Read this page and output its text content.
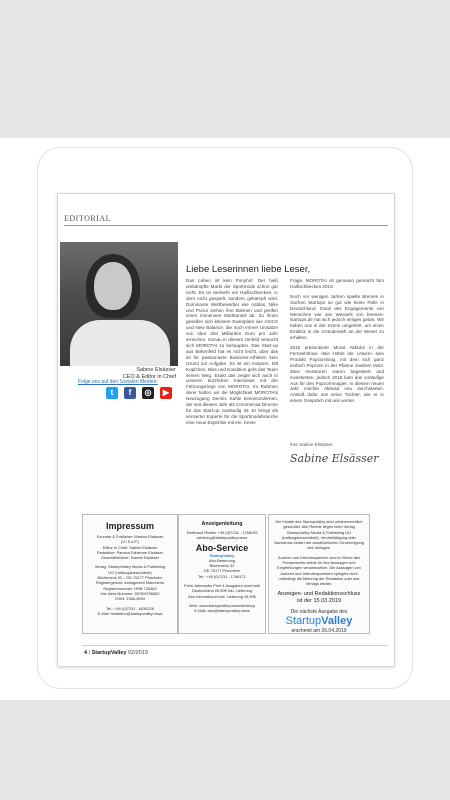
EDITORIAL
Sabine Elsässer
CEO & Editor in Chief
Folge uns auf den Sozialen Medien:
t	f	◎	▶
Liebe Leserinnen liebe Leser,
Das Leben ist kein Ponyhof. Der heiß umkämpfte Markt der Sportmode schon gar nicht. Es ist vielmehr ein Haifischbecken, in dem nicht gespielt, sondern gekämpft wird. Dominante Wettbewerber wie Adidas, Nike und Puma ziehen ihre Bahnen und greifen einen immensen Marktanteil ab. Zu ihnen gesellen sich kleinere Exemplare wie ASICS und New Balance, die noch immer Umsätze von über drei Milliarden Euro pro Jahr erreichen. Genau in diesem Umfeld versucht sich MOROTAI zu behaupten. Das Start-up aus Birkenfeld hat es nicht leicht, aber das ist für passionierte Business-Athleten kein Grund zur Aufgabe. Es ist ein Ansporn. Mit Kopfchen, Biss und Kondition geht das Team seinen Weg. Exakt das zeigte sich auch in unseren kürzlichen Interviews mit der Führungsriege von MOROTAI. Im Rahmen derer hatten wir die Möglichkeit MOROTAIs Neuzugang Dennis Kahle kennenzulernen, der seit diesem Jahr als Commercial Director für das Start-up zuständig ist. Er bringt als versierter Experte für die Sportmodebranche eine neue Expertise mit ein. Keine
Frage, MOROTAI ist genauso gemacht fürs Haifischbecken 2019.
Noch vor wenigen Jahren spielte Bremen in Sachen Startups so gut wie keine Rolle in Deutschland. Dank des Engagements von Menschen wie Jan Wessels von bremen-startups.de hat sich jedoch einiges getan. Wir haben uns in der Szene umgehört, um einen Einblick in die Gründerwelt an der Weser zu erhalten.
2015 präsentierte Murat Akbulut in der Fernsehshow »Die Höhle der Löwen« sein Produkt Popcornloop, mit dem sich ganz einfach Popcorn in der Pfanne zaubern lässt. Zwei Investoren waren begeistert und investierten, jedoch 2018 kam das vorläufige Aus für den Popcornmagier. In diesem neuen Jahr möchte Akbulut neu durchstarten. Anstoß dafür war seine Tochter, wie er in einem Gespräch mit uns verriet.
Ihre Sabine Elsässer
Sabine Elsässer
Impressum
Founder & Publisher: Markus Elsässer
(V.i.S.d.P.)
Editor in Chief: Sabine Elsässer
Redaktion: Pamina Fabienne Elsässer
Geschäftsführer: Sabine Elsässer
Verlag: StartupValley Media & Publishing
UG (haftungsbeschränkt)
Bücheneck 32 – DE-75177 Pforzheim
Registergericht: Amtsgericht Mannheim
Registernummer: HRB 726463
Ust-Ident-Nummer: DE309756582
ISSN: 2366-4894
Tel.: +49 (0)7231 - 6035226
E-Mail: redaktion@startupvalley.news
Anzeigenleitung
Edeltraud Richter +49 (0)7231 - 1768199
werbung@startupvalley.news
Abo-Service
StartupValley
Abo-Betreuung
Bücheneck 32
DE-75177 Pforzheim
Tel.: +49 (0)7231 - 1768171
Preis Jahresabo Print 4 Ausgaben innerhalb
Deutschland 25,90€ inkl. Lieferung
Abo International inkl. Lieferung 45,90€
Web: www.startupvalley.news/de/shop
E-Mail: abo@startupvalley.news
Die Inhalte des StartupValley sind urheberrechtlich geschützt. Alle Rechte liegen beim Verlag StartupValley Media & Publishing UG (haftungsbeschränkt). Vervielfältigung oder Nachdruck bedarf der ausdrücklichen Genehmigung des Verlages.
Autoren und Interviewpartner sind im Sinne des Presserechts selbst für ihre Aussagen und Empfehlungen verantwortlich. Die Aussagen von Autoren und Interviewpartnern spiegeln nicht unbedingt die Meinung der Redaktion oder des Verlags wieder.
Anzeigen- und Redaktionsschluss
ist der 15.03.2019
Die nächste Ausgabe des
StartupValley
erscheint am 26.04.2019
4 | StartupValley 02/2019
